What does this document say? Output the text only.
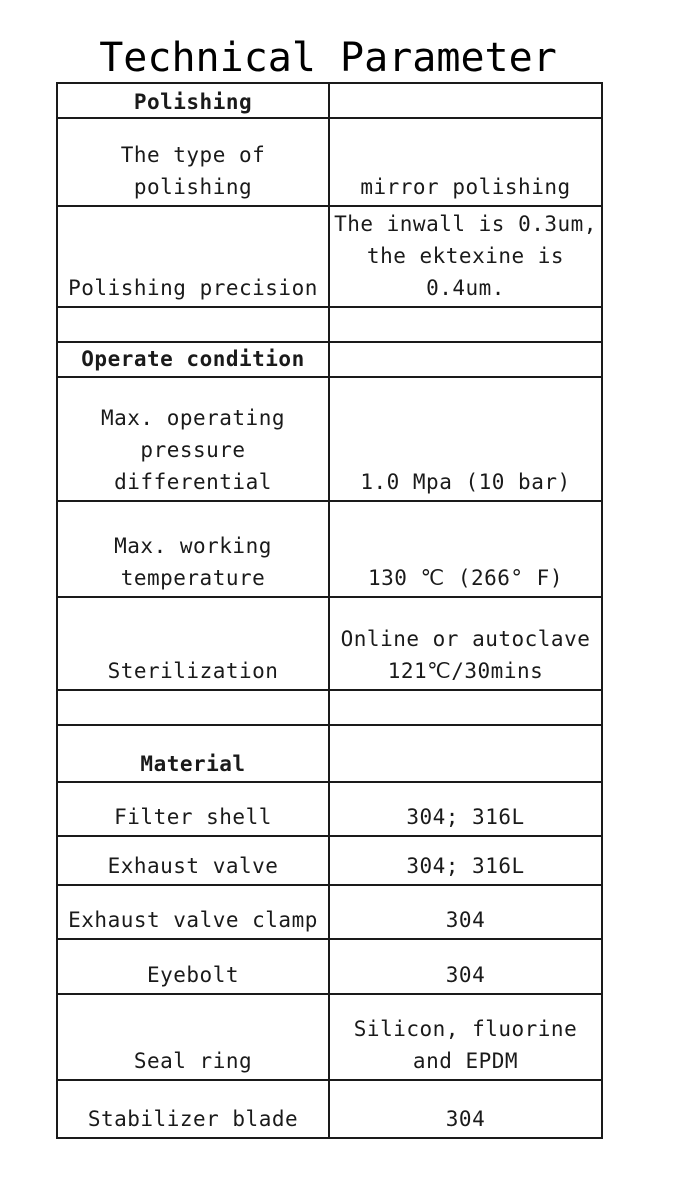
Technical Parameter
Polishing	
The type of polishing	mirror polishing
Polishing precision	The inwall is 0.3um, the ektexine is 0.4um.

Operate condition	
Max. operating pressure differential	1.0 Mpa (10 bar)
Max. working temperature	130 ℃ (266° F)
Sterilization	Online or autoclave 121℃/30mins

Material	
Filter shell	304; 316L
Exhaust valve	304; 316L
Exhaust valve clamp	304
Eyebolt	304
Seal ring	Silicon, fluorine and EPDM
Stabilizer blade	304
